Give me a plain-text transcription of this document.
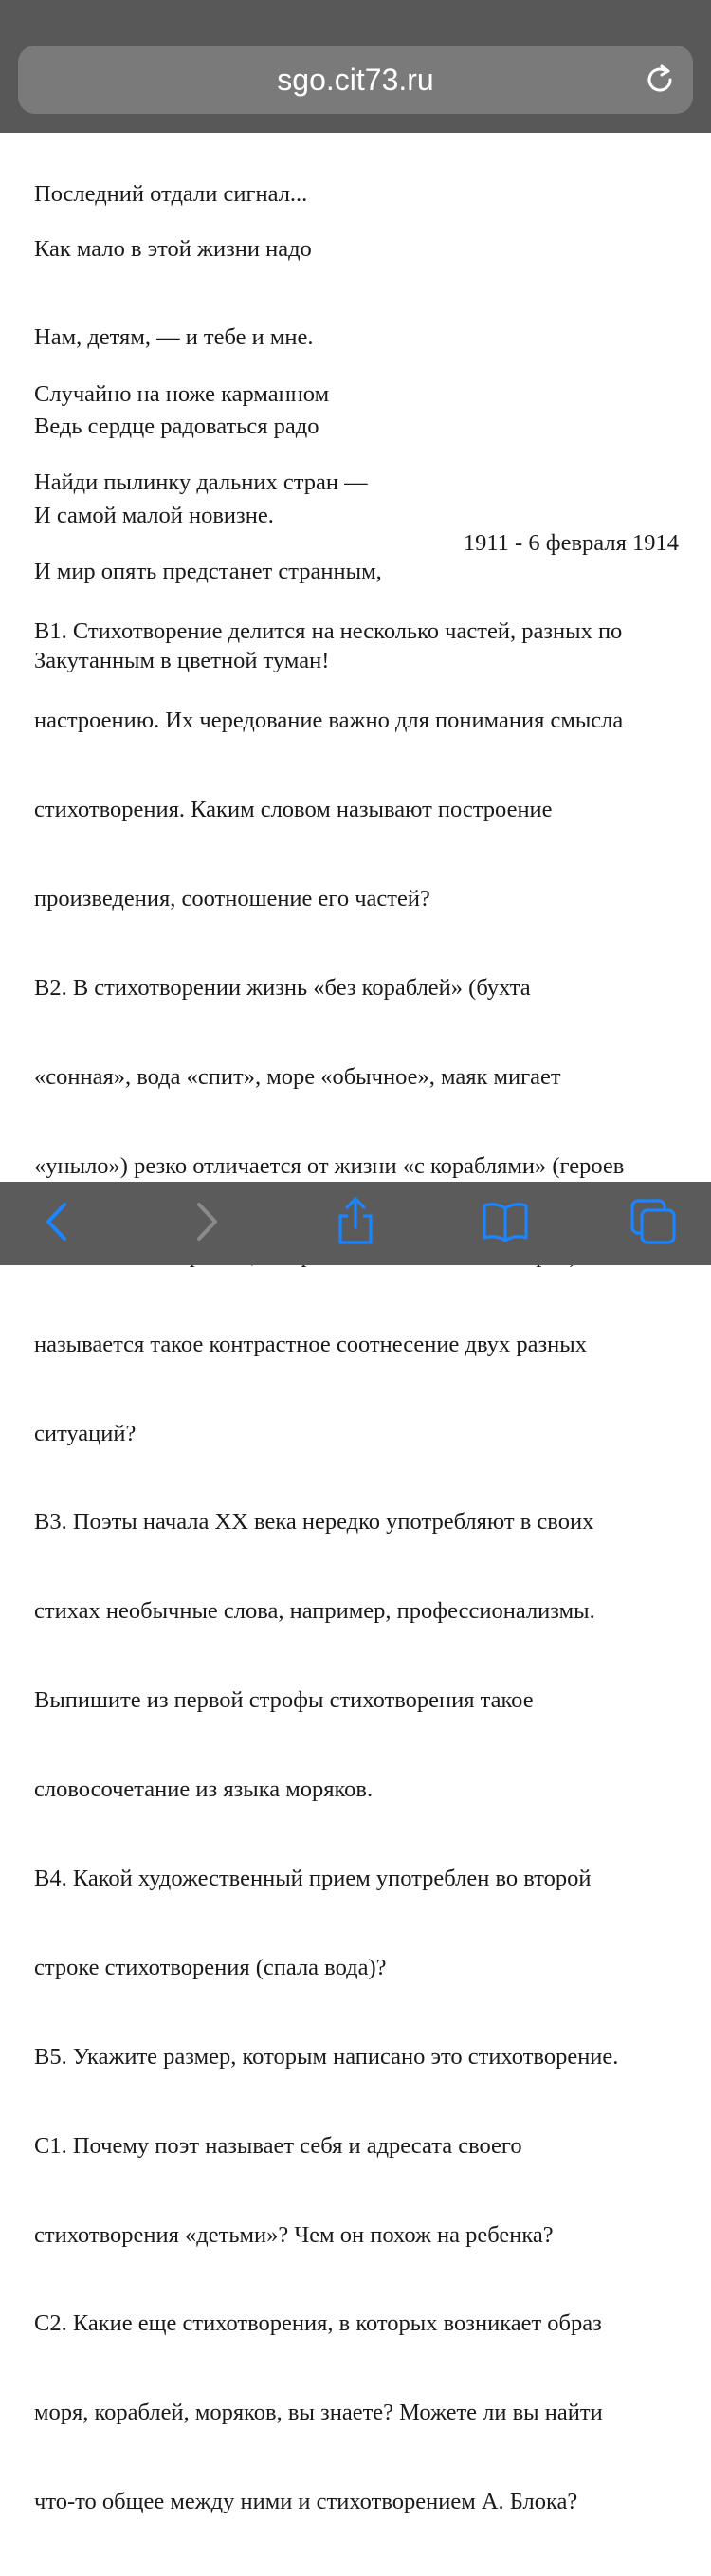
Последний отдали сигнал...

Как мало в этой жизни надо

Нам, детям, — и тебе и мне.

Ведь сердце радоваться радо

И самой малой новизне.

Случайно на ноже карманном

Найди пылинку дальних стран —

И мир опять предстанет странным,

Закутанным в цветной туман!

1911 - 6 февраля 1914

В1. Стихотворение делится на несколько частей, разных по

настроению. Их чередование важно для понимания смысла

стихотворения. Каким словом называют построение

произведения, соотношение его частей?

В2. В стихотворении жизнь «без кораблей» (бухта

«сонная», вода «спит», море «обычное», маяк мигает

«уныло») резко отличается от жизни «с кораблями» (героев

называется такое контрастное соотнесение двух разных

ситуаций?

В3. Поэты начала XX века нередко употребляют в своих

стихах необычные слова, например, профессионализмы.

Выпишите из первой строфы стихотворения такое

словосочетание из языка моряков.

В4. Какой художественный прием употреблен во второй

строке стихотворения (спала вода)?

В5. Укажите размер, которым написано это стихотворение.

С1. Почему поэт называет себя и адресата своего

стихотворения «детьми»? Чем он похож на ребенка?

С2. Какие еще стихотворения, в которых возникает образ

моря, кораблей, моряков, вы знаете? Можете ли вы найти

что-то общее между ними и стихотворением А. Блока?

sgo.cit73.ru
